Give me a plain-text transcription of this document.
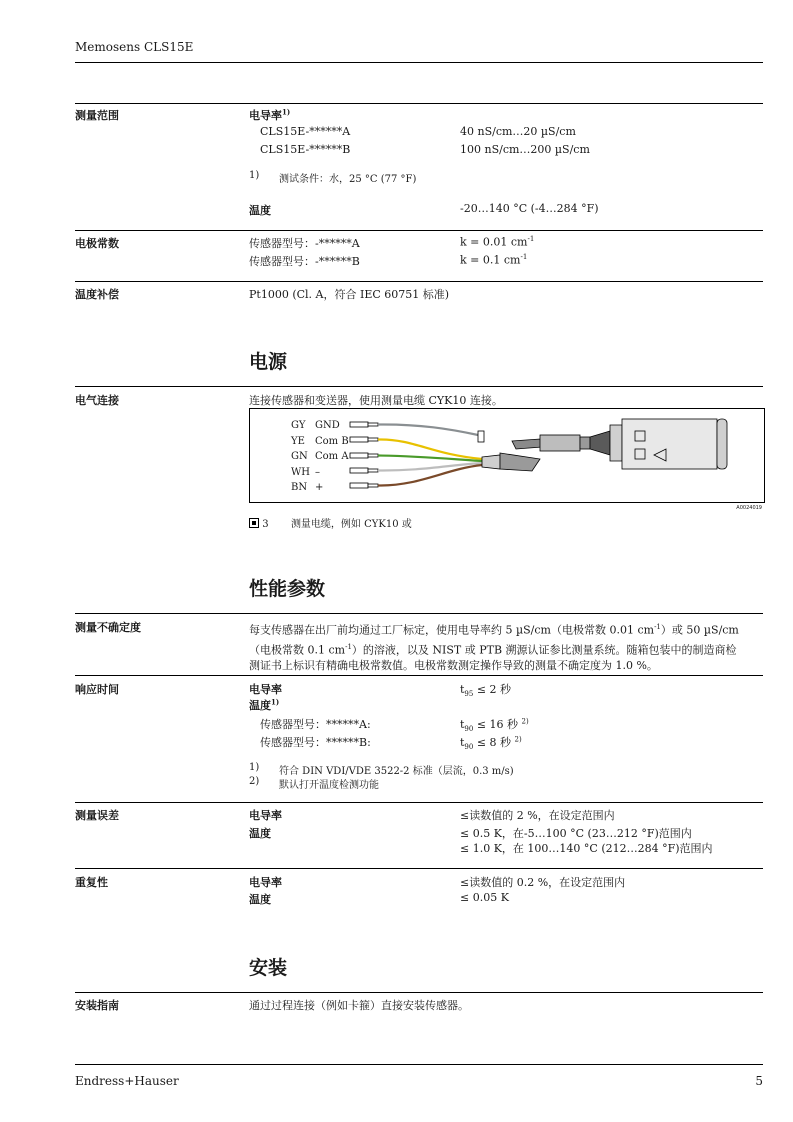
Memosens CLS15E
测量范围	电导率$^{1)}$
CLS15E-******A	40 nS/cm…20 µS/cm
CLS15E-******B	100 nS/cm…200 µS/cm
1) 测试条件：水，25 °C (77 °F)
温度	-20…140 °C (-4…284 °F)
电极常数	传感器型号：-******A	k = 0.01 $cm^{-1}$
传感器型号：-******B	k = 0.1 $cm^{-1}$
温度补偿	Pt1000 (Cl. A，符合 IEC 60751 标准)
电源
电气连接	连接传感器和变送器，使用测量电缆 CYK10 连接。
GY
YE
GN
WH
BN
GND
Com B
Com A
–
+
A0024019
3 测量电缆，例如 CYK10 或
性能参数
测量不确定度	每支传感器在出厂前均通过工厂标定，使用电导率约 5 µS/cm（电极常数 0.01 $cm^{-1}$）或 50 µS/cm
（电极常数 0.1 $cm^{-1}$）的溶液，以及 NIST 或 PTB 溯源认证参比测量系统。随箱包装中的制造商检
测证书上标识有精确电极常数值。电极常数测定操作导致的测量不确定度为 1.0 %。
响应时间	电导率	$t_{95} \le 2$ 秒
温度$^{1)}$
传感器型号：******A:	$t_{90} \le 16$ 秒 $^{2)}$
传感器型号：******B:	$t_{90} \le 8$ 秒 $^{2)}$
1) 符合 DIN VDI/VDE 3522-2 标准（层流，0.3 m/s)
2) 默认打开温度检测功能
测量误差	电导率	≤读数值的 2 %，在设定范围内
温度	≤ 0.5 K，在-5…100 °C (23…212 °F)范围内
≤ 1.0 K，在 100…140 °C (212…284 °F)范围内
重复性	电导率	≤读数值的 0.2 %，在设定范围内
温度	≤ 0.05 K
安装
安装指南	通过过程连接（例如卡箍）直接安装传感器。
Endress+Hauser	5
